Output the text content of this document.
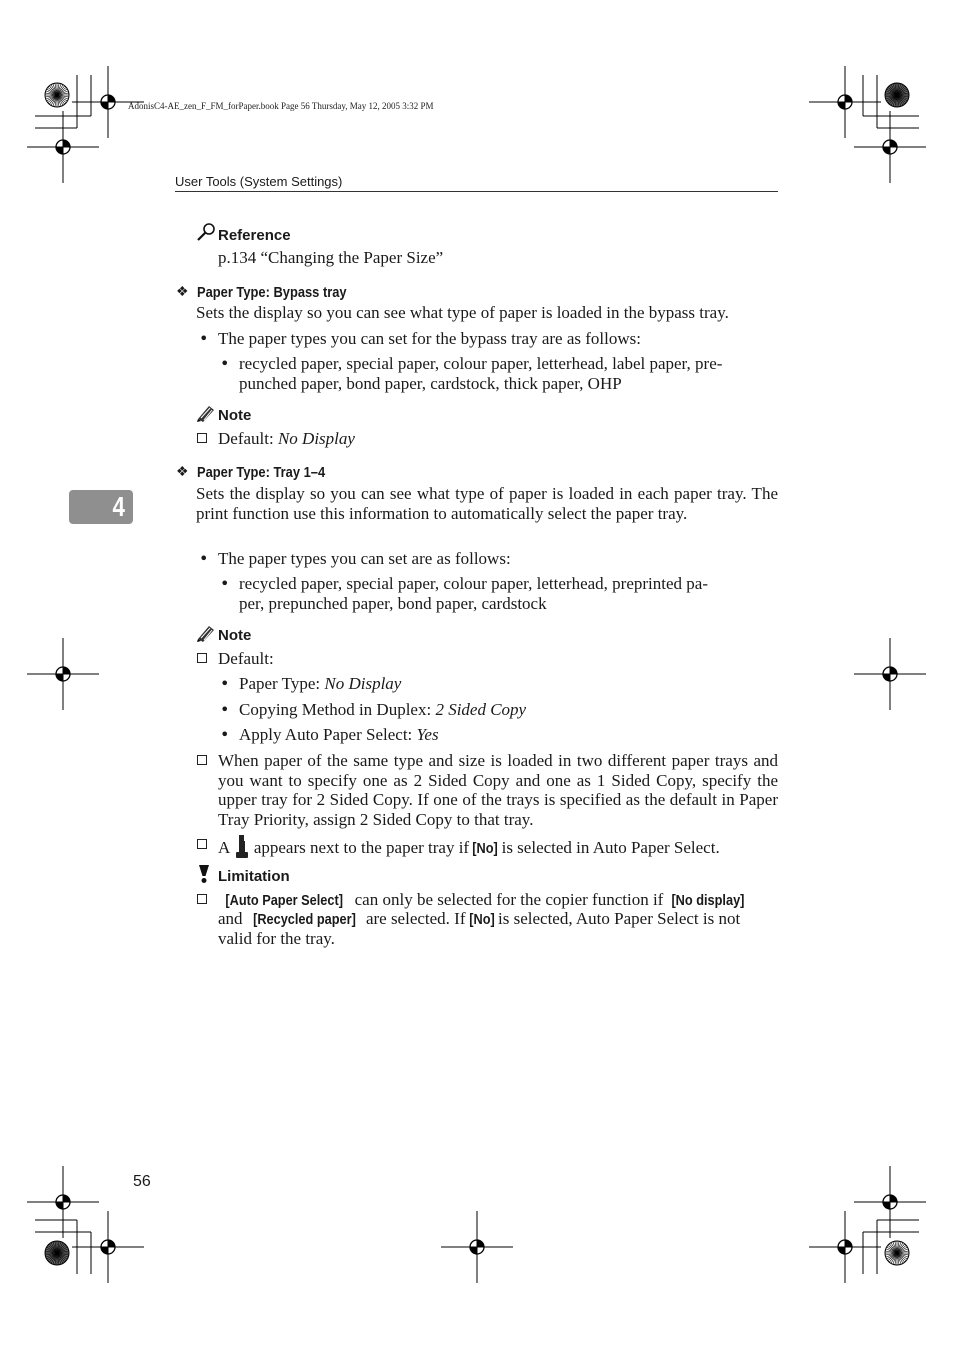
AdonisC4-AE_zen_F_FM_forPaper.book Page 56 Thursday, May 12, 2005 3:32 PM
User Tools (System Settings)
Reference
p.134 “Changing the Paper Size”
❖ Paper Type: Bypass tray
Sets the display so you can see what type of paper is loaded in the bypass tray.
• The paper types you can set for the bypass tray are as follows:
• recycled paper, special paper, colour paper, letterhead, label paper, pre-
punched paper, bond paper, cardstock, thick paper, OHP
Note
Default: No Display
❖ Paper Type: Tray 1–4
Sets the display so you can see what type of paper is loaded in each paper tray. The print function use this information to automatically select the paper tray.
• The paper types you can set are as follows:
• recycled paper, special paper, colour paper, letterhead, preprinted pa-
per, prepunched paper, bond paper, cardstock
4
Note
Default:
• Paper Type: No Display
• Copying Method in Duplex: 2 Sided Copy
• Apply Auto Paper Select: Yes
When paper of the same type and size is loaded in two different paper trays and you want to specify one as 2 Sided Copy and one as 1 Sided Copy, specify the upper tray for 2 Sided Copy. If one of the trays is specified as the default in Paper Tray Priority, assign 2 Sided Copy to that tray.
A  appears next to the paper tray if [No] is selected in Auto Paper Select.
Limitation
[Auto Paper Select] can only be selected for the copier function if [No display]
and [Recycled paper] are selected. If [No] is selected, Auto Paper Select is not
valid for the tray.
56
